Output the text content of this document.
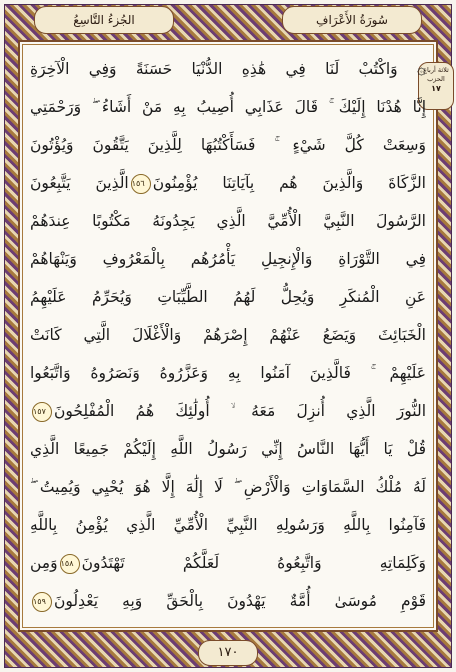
الجُزءُ التَّاسِعُ	سُورَةُ الأَعْرَافِ
ثلاثة أرباع
الحزب
١٧
۞ وَاكْتُبْ لَنَا فِي هَٰذِهِ الدُّنْيَا حَسَنَةً وَفِي الْآخِرَةِ
إِنَّا هُدْنَا إِلَيْكَ ۚ قَالَ عَذَابِي أُصِيبُ بِهِ مَنْ أَشَاءُ ۖ وَرَحْمَتِي
وَسِعَتْ كُلَّ شَيْءٍ ۚ فَسَأَكْتُبُهَا لِلَّذِينَ يَتَّقُونَ وَيُؤْتُونَ
الزَّكَاةَ وَالَّذِينَ هُم بِآيَاتِنَا يُؤْمِنُونَ١٥٦الَّذِينَ يَتَّبِعُونَ
الرَّسُولَ النَّبِيَّ الْأُمِّيَّ الَّذِي يَجِدُونَهُ مَكْتُوبًا عِندَهُمْ
فِي التَّوْرَاةِ وَالْإِنجِيلِ يَأْمُرُهُم بِالْمَعْرُوفِ وَيَنْهَاهُمْ
عَنِ الْمُنكَرِ وَيُحِلُّ لَهُمُ الطَّيِّبَاتِ وَيُحَرِّمُ عَلَيْهِمُ
الْخَبَائِثَ وَيَضَعُ عَنْهُمْ إِصْرَهُمْ وَالْأَغْلَالَ الَّتِي كَانَتْ
عَلَيْهِمْ ۚ فَالَّذِينَ آمَنُوا بِهِ وَعَزَّرُوهُ وَنَصَرُوهُ وَاتَّبَعُوا
النُّورَ الَّذِي أُنزِلَ مَعَهُ ۙ أُولَٰئِكَ هُمُ الْمُفْلِحُونَ١٥٧
قُلْ يَا أَيُّهَا النَّاسُ إِنِّي رَسُولُ اللَّهِ إِلَيْكُمْ جَمِيعًا الَّذِي
لَهُ مُلْكُ السَّمَاوَاتِ وَالْأَرْضِ ۖ لَا إِلَٰهَ إِلَّا هُوَ يُحْيِي وَيُمِيتُ ۖ
فَآمِنُوا بِاللَّهِ وَرَسُولِهِ النَّبِيِّ الْأُمِّيِّ الَّذِي يُؤْمِنُ بِاللَّهِ
وَكَلِمَاتِهِ وَاتَّبِعُوهُ لَعَلَّكُمْ تَهْتَدُونَ١٥٨وَمِن
قَوْمِ مُوسَىٰ أُمَّةٌ يَهْدُونَ بِالْحَقِّ وَبِهِ يَعْدِلُونَ١٥٩
١٧٠
